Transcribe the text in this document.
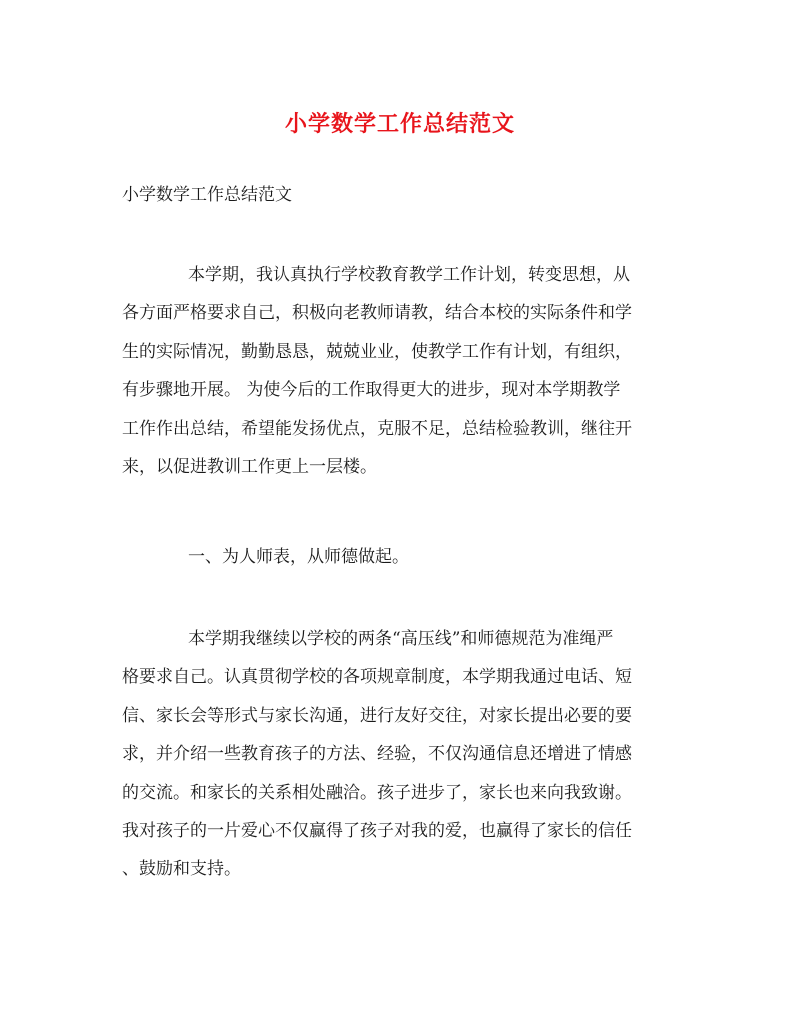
小学数学工作总结范文
小学数学工作总结范文
本学期，我认真执行学校教育教学工作计划，转变思想，从
各方面严格要求自己，积极向老教师请教，结合本校的实际条件和学
生的实际情况，勤勤恳恳，兢兢业业，使教学工作有计划，有组织，
有步骤地开展。 为使今后的工作取得更大的进步，现对本学期教学
工作作出总结，希望能发扬优点，克服不足，总结检验教训，继往开
来，以促进教训工作更上一层楼。
一、为人师表，从师德做起。
本学期我继续以学校的两条“高压线”和师德规范为准绳严
格要求自己。认真贯彻学校的各项规章制度，本学期我通过电话、短
信、家长会等形式与家长沟通，进行友好交往，对家长提出必要的要
求，并介绍一些教育孩子的方法、经验，不仅沟通信息还增进了情感
的交流。和家长的关系相处融洽。孩子进步了，家长也来向我致谢。
我对孩子的一片爱心不仅赢得了孩子对我的爱，也赢得了家长的信任
、鼓励和支持。
